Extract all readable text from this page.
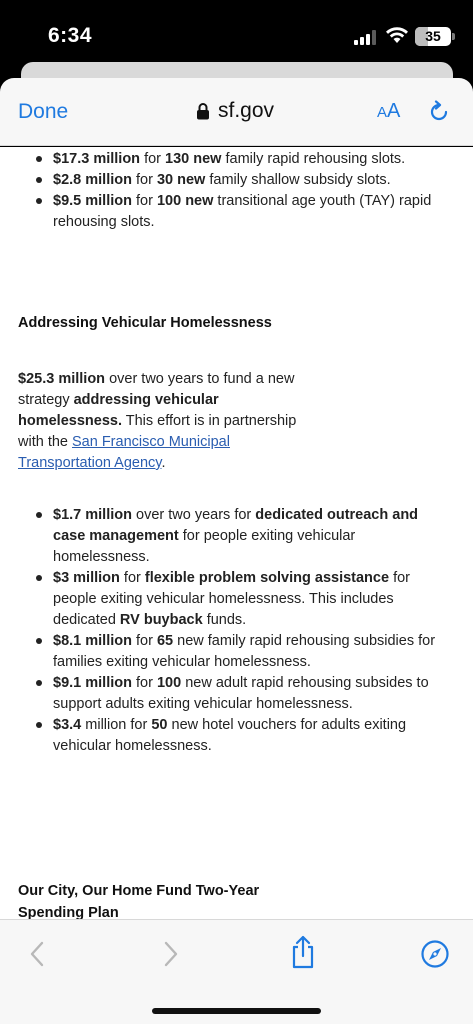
6:34	35
Done	sf.gov	AA
$17.3 million for 130 new family rapid rehousing slots.
$2.8 million for 30 new family shallow subsidy slots.
$9.5 million for 100 new transitional age youth (TAY) rapid rehousing slots.
Addressing Vehicular Homelessness
$25.3 million over two years to fund a new strategy addressing vehicular homelessness. This effort is in partnership with the San Francisco Municipal Transportation Agency.
$1.7 million over two years for dedicated outreach and case management for people exiting vehicular homelessness.
$3 million for flexible problem solving assistance for people exiting vehicular homelessness. This includes dedicated RV buyback funds.
$8.1 million for 65 new family rapid rehousing subsidies for families exiting vehicular homelessness.
$9.1 million for 100 new adult rapid rehousing subsides to support adults exiting vehicular homelessness.
$3.4 million for 50 new hotel vouchers for adults exiting vehicular homelessness.
Our City, Our Home Fund Two-Year
Spending Plan
